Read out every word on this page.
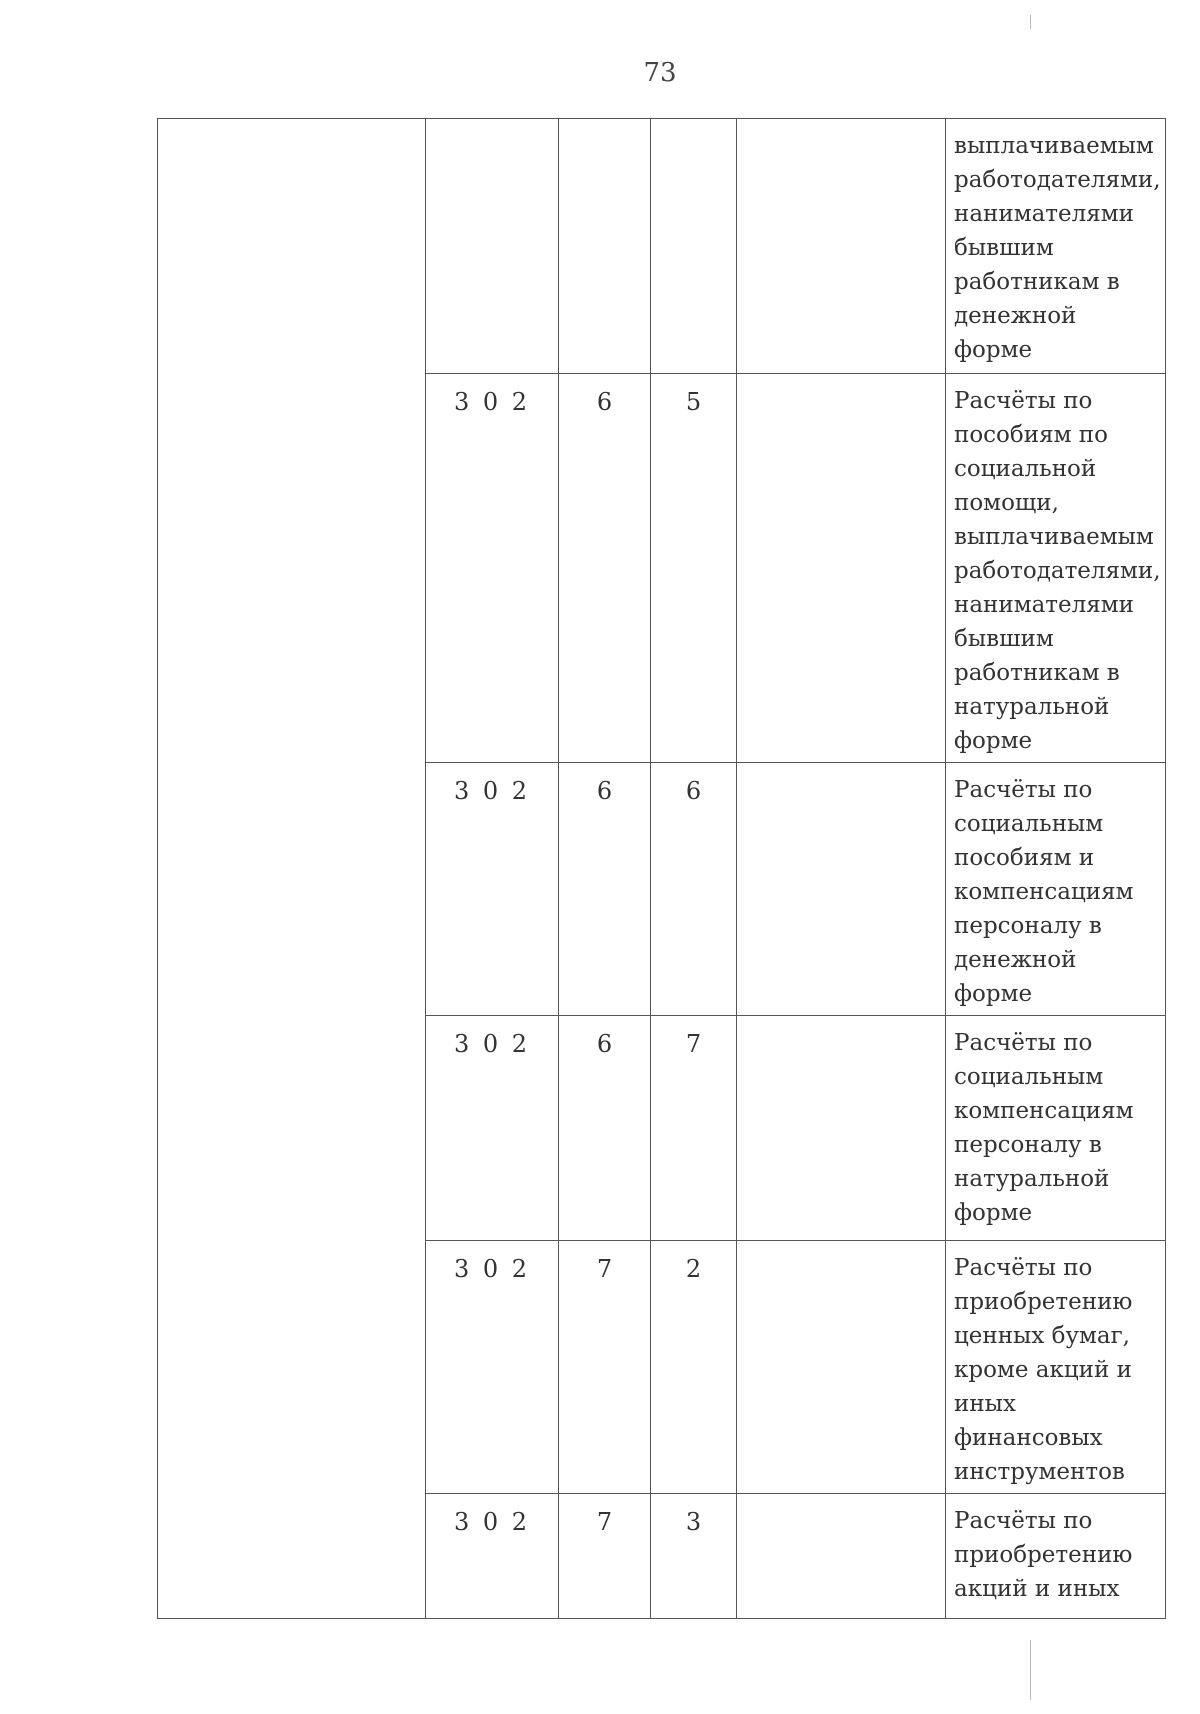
73
					выплачиваемым работодателями, нанимателями бывшим работникам в денежной форме
	3 0 2	6	5		Расчёты по пособиям по социальной помощи, выплачиваемым работодателями, нанимателями бывшим работникам в натуральной форме
	3 0 2	6	6		Расчёты по социальным пособиям и компенсациям персоналу в денежной форме
	3 0 2	6	7		Расчёты по социальным компенсациям персоналу в натуральной форме
	3 0 2	7	2		Расчёты по приобретению ценных бумаг, кроме акций и иных финансовых инструментов
	3 0 2	7	3		Расчёты по приобретению акций и иных
